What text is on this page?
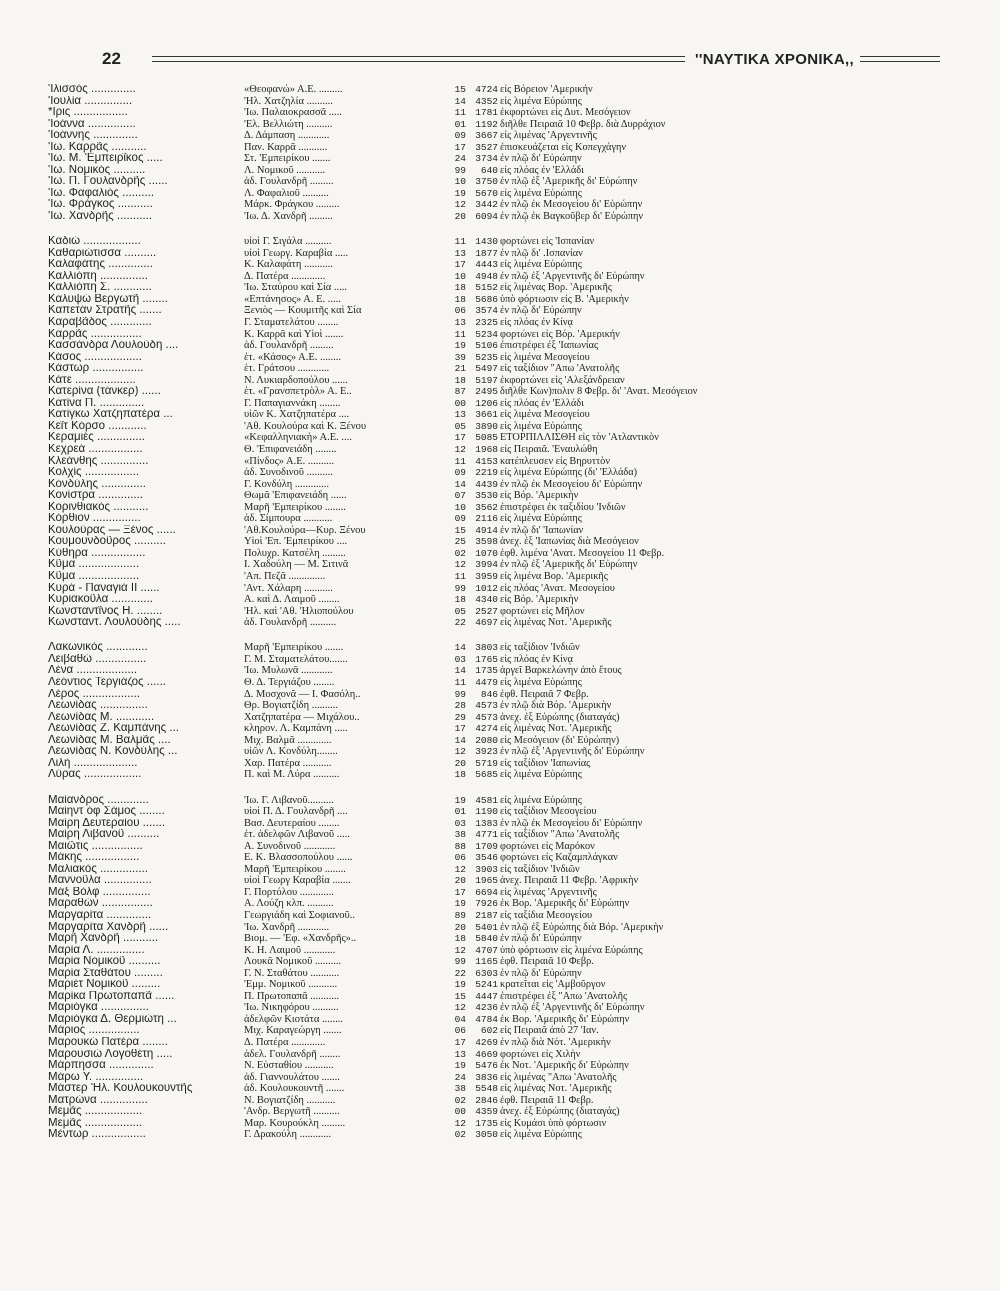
22	''ΝΑΥΤΙΚΑ ΧΡΟΝΙΚΑ,,
'Ιλισσός ..............	«Θεοφανώ» Α.Ε. .........	15 4724 εἰς Βόρειον 'Αμερικήν
'Ιουλία ...............	'Ηλ. Χατζηλία ..........	14 4352 εἰς λιμένα Εὐρώπης
*Ιρις .................	'Ιω. Παλαιοκρασσᾶ .....	11 1781 ἐκφορτώνει εἰς Δυτ. Μεσόγειον
'Ιοάννα ...............	'Ελ. Βελλιώτη ..........	01 1192 διῆλθε Πειραιᾶ 10 Φεβρ. διὰ Δυρράχιον
'Ιοάννης ..............	Δ. Δάμπαση ............	09 3667 εἰς λιμένας 'Αργεντινῆς
'Ιω. Καρρᾶς ...........	Παν. Καρρᾶ ...........	17 3527 ἐπισκευάζεται εἰς Κοπεγχάγην
'Ιω. Μ. 'Εμπειρῖκος .....	Στ. 'Εμπειρίκου .......	24 3734 ἐν πλῷ δι' Εὐρώπην
'Ιω. Νομικός ..........	Λ. Νομικοῦ ...........	99	640 εἰς πλόας ἐν 'Ελλάδι
'Ιω. Π. Γουλανδρῆς ......	ἀδ. Γουλανδρῆ .........	10 3750 ἐν πλῷ ἐξ 'Αμερικῆς δι' Εὐρώπην
'Ιω. Φαφαλιός ..........	Λ. Φαφαλιοῦ ..........	19 5670 εἰς λιμένα Εὐρώπης
'Ιω. Φράγκος ...........	Μάρκ. Φράγκου .........	12 3442 ἐν πλῷ ἐκ Μεσογείου δι' Εὐρώπην
'Ιω. Χανδρῆς ...........	'Ιω. Δ. Χανδρῆ .........	20 6094 ἐν πλῷ ἐκ Βαγκοῦβερ δι' Εὐρώπην
Καδιὼ ..................	υἱοὶ Γ. Σιγάλα ..........	11 1430 φορτώνει εἰς 'Ισπανίαν
Καθαριώτισσα ..........	υἱοὶ Γεωργ. Καραβία .....	13 1877 ἐν πλῷ δι' .Ισπανίαν
Καλαφάτης ..............	Κ. Καλαφάτη ...........	17 4443 εἰς λιμένα Εὐρώπης
Καλλιόπη ...............	Δ. Πατέρα .............	10 4948 ἐν πλῷ ἐξ 'Αργεντινῆς δι' Εὐρώπην
Καλλιόπη Σ. ............	'Ιω. Σταύρου καὶ Σία .....	18 5152 εἰς λιμένας Βορ. 'Αμερικῆς
Καλυψὼ Βεργωτῆ ........	«Επτάνησος» Α. Ε. .....	18 5686 ὑπὸ φόρτωσιν εἰς Β. 'Αμερικὴν
Καπετὰν Στρατῆς .......	Ξενιὸς — Κουμιτῆς καὶ Σία	06 3574 ἐν πλῷ δι' Εὐρώπην
Καραβᾶδος .............	Γ. Σταματελάτου ........	13 2325 εἰς πλόας ἐν Κίνᾳ
Καρρᾶς ................	Κ. Καρρᾶ καὶ Υἱοὶ .......	11 5234 φορτώνει εἰς Βόρ. 'Αμερικήν
Κασσάνδρα Λουλούδη ....	ἀδ. Γουλανδρῆ .........	19 5106 ἐπιστρέφει ἐξ 'Ιαπωνίας
Κάσος ..................	ἑτ. «Κάσος» Α.Ε. ........	39 5235 εἰς λιμένα Μεσογείου
Κάστωρ ................	ἑτ. Γράτσου ............	21 5497 εἰς ταξίδιον "Απω 'Ανατολῆς
Κάτε ...................	Ν. Λυκιαρδοπούλου ......	18 5197 ἐκφορτώνει εἰς 'Αλεξάνδρειαν
Κατερίνα (τάνκερ) ......	ἑτ. «Γρανσπετρὸλ» Α. Ε..	87 2495 διῆλθε Κων)πολιν 8 Φεβρ. δι' 'Ανατ. Μεσόγειον
Κατίνα Π. ..............	Γ. Παπαγιαννάκη ........	00 1206 εἰς πλόας ἐν 'Ελλάδι
Κατίγκω Χατζηπατέρα ...	υἱῶν Κ. Χατζηπατέρα ....	13 3661 εἰς λιμένα Μεσογείου
Κεῖτ Κόρσο ............	'Αθ. Κουλούρα καὶ Κ. Ξένου	05 3890 εἰς λιμένα Εὐρώπης
Κεραμιὲς ...............	«Κεφαλληνιακὴ» Α.Ε. ....	17 5085 ΕΤΟΡΠΙΛΛΙΣΘΗ εἰς τὸν 'Ατλαντικὸν
Κεχρεὰ .................	Θ. 'Επιφανειάδη ........	12 1968 εἰς Πειραιᾶ. 'Εναυλώθη
Κλεάνθης ...............	«Πίνδος» Α.Ε. ..........	11 4153 κατέπλευσεν εἰς Βηρυττὸν
Κολχὶς .................	ἀδ. Συνοδινοῦ ..........	09 2219 εἰς λιμένα Εὐρώπης (δι' 'Ελλάδα)
Κονδύλης ..............	Γ. Κονδύλη .............	14 4439 ἐν πλῷ ἐκ Μεσογείου δι' Εὐρώπην
Κονίστρα ..............	Θωμᾶ 'Επιφανειάδη ......	07 3530 εἰς Βόρ. 'Αμερικὴν
Κορινθιακὸς ...........	Μαρῆ 'Εμπειρίκου ........	10 3562 ἐπιστρέφει ἐκ ταξιδίου 'Ινδιῶν
Κόρθιον ...............	ἀδ. Σίμπουρα ...........	09 2116 εἰς λιμένα Εὐρώπης
Κουλούρας — Ξένος ......	'Αθ.Κουλούρα—Κυρ. Ξένου	15 4914 ἐν πλῷ δι' 'Ιαπωνίαν
Κουμουνδοῦρος ..........	Υἱοὶ 'Επ. 'Εμπειρίκου ....	25 3598 ἀνεχ. ἐξ 'Ιαπωνίας διὰ Μεσόγειον
Κύθηρα .................	Πολυχρ. Κατσέλη .........	02 1070 ἐφθ. λιμένα 'Ανατ. Μεσογείου 11 Φεβρ.
Κῦμα ...................	Ι. Χαδούλη — Μ. Σιτινᾶ	12 3994 ἐν πλῷ ἐξ 'Αμερικῆς δι' Εὐρώπην
Κῦμα ...................	'Απ. Πεζᾶ ..............	11 3959 εἰς λιμένα Βορ. 'Αμερικῆς
Κυρὰ - Παναγιὰ ΙΙ ......	'Αντ. Χάλαρη ...........	99 1012 εἰς πλόας 'Ανατ. Μεσογείου
Κυριακοῦλα .............	Α. καὶ Δ. Λαιμοῦ ........	18 4340 εἰς Βόρ. 'Αμερικὴν
Κωνσταντῖνος Η. ........	'Ηλ. καὶ 'Αθ. 'Ηλιοπούλου	05 2527 φορτώνει εἰς Μῆλον
Κωνσταντ. Λουλούδης .....	ἀδ. Γουλανδρῆ ..........	22 4697 εἰς λιμένας Νοτ. 'Αμερικῆς
Λακωνικὸς .............	Μαρῆ 'Εμπειρίκου .......	14 3803 εἰς ταξίδιον 'Ινδιῶν
Λειβαθὼ ................	Γ. Μ. Σταματελάτου.......	03 1765 εἰς πλόας ἐν Κίνᾳ
Λένα ...................	'Ιω. Μυλωνᾶ ............	14 1735 ἀργεῖ Βαρκελώνην ἀπὸ ἔτους
Λεόντιος Τεργιάζος ......	Θ. Δ. Τεργιάζου ........	11 4479 εἰς λιμένα Εὐρώπης
Λέρος ..................	Δ. Μοσχονᾶ — Ι. Φασόλη..	99	846 ἐφθ. Πειραιᾶ 7 Φεβρ.
Λεωνίδας ...............	Θρ. Βογιατζίδη ..........	28 4573 ἐν πλῷ διὰ Βόρ. 'Αμερικὴν
Λεωνίδας Μ. ............	Χατζηπατέρα — Μιχάλου..	29 4573 ἀνεχ. ἐξ Εὐρώπης (διαταγάς)
Λεωνίδας Ζ. Καμπάνης ...	κληρον. Λ. Καμπάνη .....	17 4274 εἰς λιμένας Νοτ. 'Αμερικῆς
Λεωνίδας Μ. Βαλμᾶς ....	Μιχ. Βαλμᾶ .............	14 2080 εἰς Μεσόγειον (δι' Εὐρώπην)
Λεωνίδας Ν. Κονδύλης ...	υἱῶν Λ. Κονδύλη........	12 3923 ἐν πλῷ ἐξ 'Αργεντινῆς δι' Εὐρώπην
Λιλὴ ....................	Χαρ. Πατέρα ...........	20 5719 εἰς ταξίδιον 'Ιαπωνίας
Λύρας ..................	Π. καὶ Μ. Λύρα ..........	18 5685 εἰς λιμένα Εὐρώπης
Μαίανδρος .............	'Ιω. Γ. Λιβανοῦ..........	19 4581 εἰς λιμένα Εὐρώπης
Μαίηντ ὀφ Σάμος ........	υἱοὶ Π. Δ. Γουλανδρῆ ....	01 1190 εἰς ταξίδιον Μεσογείου
Μαίρη Δευτεραίου .......	Βασ. Δευτεραίου ........	03 1383 ἐν πλῷ ἐκ Μεσογείου δι' Εὐρώπην
Μαίρη Λιβανοῦ ..........	ἑτ. ἀδελφῶν Λιβανοῦ .....	38 4771 εἰς ταξίδιον "Απω 'Ανατολῆς
Μαιῶτις ................	Α. Συνοδινοῦ ............	88 1709 φορτώνει εἰς Μαρόκον
Μάκης .................	Ε. Κ. Βλασσοπούλου ......	06 3546 φορτώνει εἰς Καζαμπλάγκαν
Μαλιακὸς ...............	Μαρῆ 'Εμπειρίκου ........	12 3903 εἰς ταξίδιον 'Ινδιῶν
Μαννοῦλα ...............	υἱοὶ Γεωργ Καραβία .......	20 1965 ἀνεχ. Πειραιᾶ 11 Φεβρ. 'Αφρικὴν
Μὰξ Βόλφ ...............	Γ. Πορτόλου .............	17 6694 εἰς λιμένας 'Αργεντινῆς
Μαραθὼν ................	Α. Λούζη κλπ. ..........	19 7926 ἐκ Βορ. 'Αμερικῆς δι' Εὐρώπην
Μαργαρίτα ..............	Γεωργιάδη καὶ Σοφιανοῦ..	89 2187 εἰς ταξίδια Μεσογείου
Μαργαρίτα Χανδρῆ ......	'Ιω. Χανδρῆ ............	20 5401 ἐν πλῷ ἐξ Εὐρώπης διὰ Βόρ. 'Αμερικὴν
Μαρῆ Χανδρῆ ...........	Βιομ. — 'Εφ. «Χανδρῆς»..	18 5840 ἐν πλῷ δι' Εὐρώπην
Μαρία Λ. ...............	Κ. Η. Λαιμοῦ ............	12 4707 ὑπὸ φόρτωσιν εἰς λιμένα Εὐρώπης
Μαρία Νομικοῦ ..........	Λουκᾶ Νομικοῦ ..........	99 1165 ἐφθ. Πειραιᾶ 10 Φεβρ.
Μαρία Σταθάτου .........	Γ. Ν. Σταθάτου ...........	22 6303 ἐν πλῷ δι' Εὐρώπην
Μαριέτ Νομικοῦ .........	'Εμμ. Νομικοῦ ...........	19 5241 κρατεῖται εἰς 'Αμβοῦργον
Μαρίκα Πρωτοπαπᾶ ......	Π. Πρωτοπαπᾶ ...........	15 4447 ἐπιστρέφει ἐξ "Απω 'Ανατολῆς
Μαριόγκα ...............	'Ιω. Νικηφόρου ..........	12 4236 ἐν πλῷ ἐξ 'Αργεντινῆς δι' Εὐρώπην
Μαριόγκα Δ. Θερμιώτη ...	ἀδελφῶν Κιοτάτα ........	04 4784 ἐκ Βορ. 'Αμερικῆς δι' Εὐρώπην
Μάριος ................	Μιχ. Καραγεώργη .......	06	602 εἰς Πειραιᾶ ἀπὸ 27 'Ιαν.
Μαρουκὼ Πατέρα ........	Δ. Πατέρα .............	17 4269 ἐν πλῷ διὰ Νότ. 'Αμερικὴν
Μαρουσιὼ Λογοθέτη .....	ἀδελ. Γουλανδρῆ ........	13 4669 φορτώνει εἰς Χιλὴν
Μάρπησσα ..............	Ν. Εὐσταθίου ...........	19 5476 ἐκ Νοτ. 'Αμερικῆς δι' Εὐρώπην
Μάρω Υ. ...............	ἀδ. Γιαννουλάτου .......	24 3836 εἰς λιμένας "Απω 'Ανατολῆς
Μάστερ 'Ηλ. Κουλουκουντῆς	ἀδ. Κουλουκουντῆ .......	38 5548 εἰς λιμένας Νοτ. 'Αμερικῆς
Ματρώνα ...............	Ν. Βογιατζίδη ...........	02 2846 ἐφθ. Πειραιᾶ 11 Φεβρ.
Μεμᾶς ..................	'Ανδρ. Βεργωτῆ ..........	00 4359 ἀνεχ. ἐξ Εὐρώπης (διαταγάς)
Μεμᾶς ..................	Μαρ. Κουρούκλη .........	12 1735 εἰς Κυμάσι ὑπὸ φόρτωσιν
Μέντωρ .................	Γ. Δρακούλη ............	02 3050 εἰς λιμένα Εὐρώπης
